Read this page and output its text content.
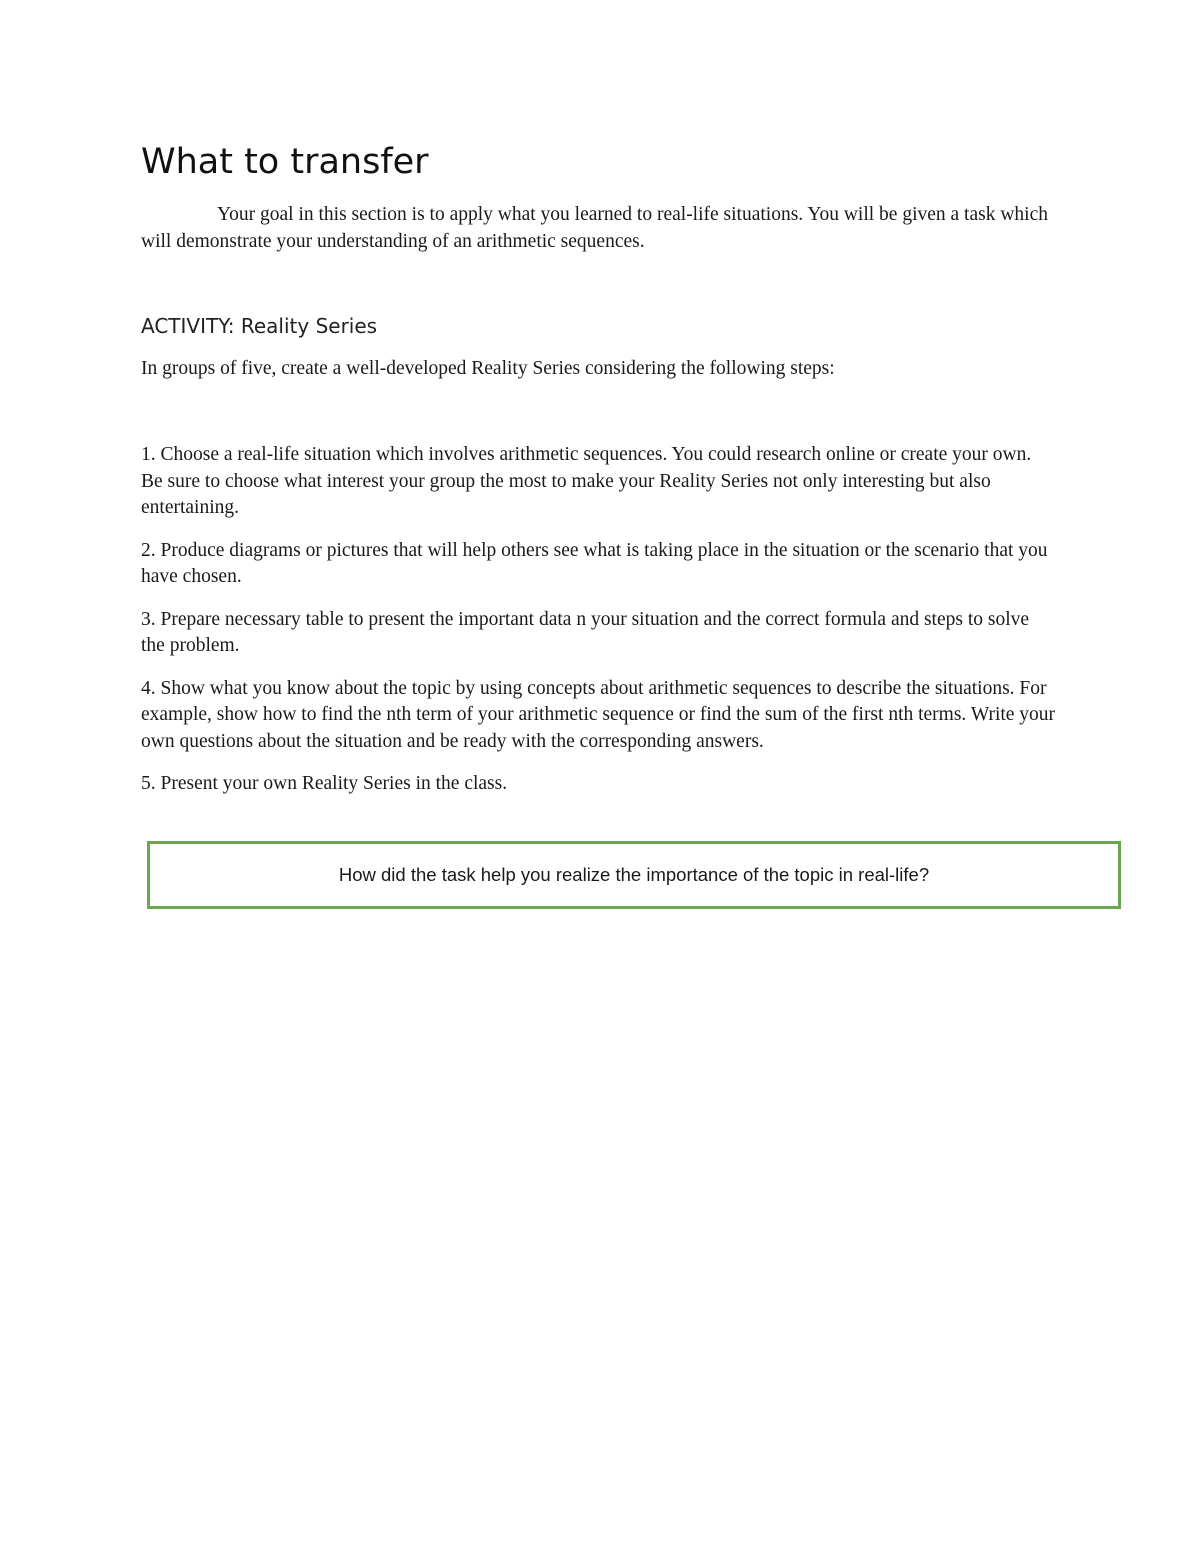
What to transfer

Your goal in this section is to apply what you learned to real-life situations. You will be given a task which will demonstrate your understanding of an arithmetic sequences.

ACTIVITY: Reality Series

In groups of five, create a well-developed Reality Series considering the following steps:

1. Choose a real-life situation which involves arithmetic sequences. You could research online or create your own. Be sure to choose what interest your group the most to make your Reality Series not only interesting but also entertaining.
2. Produce diagrams or pictures that will help others see what is taking place in the situation or the scenario that you have chosen.
3. Prepare necessary table to present the important data n your situation and the correct formula and steps to solve the problem.
4. Show what you know about the topic by using concepts about arithmetic sequences to describe the situations. For example, show how to find the nth term of your arithmetic sequence or find the sum of the first nth terms. Write your own questions about the situation and be ready with the corresponding answers.
5. Present your own Reality Series in the class.
How did the task help you realize the importance of the topic in real-life?
